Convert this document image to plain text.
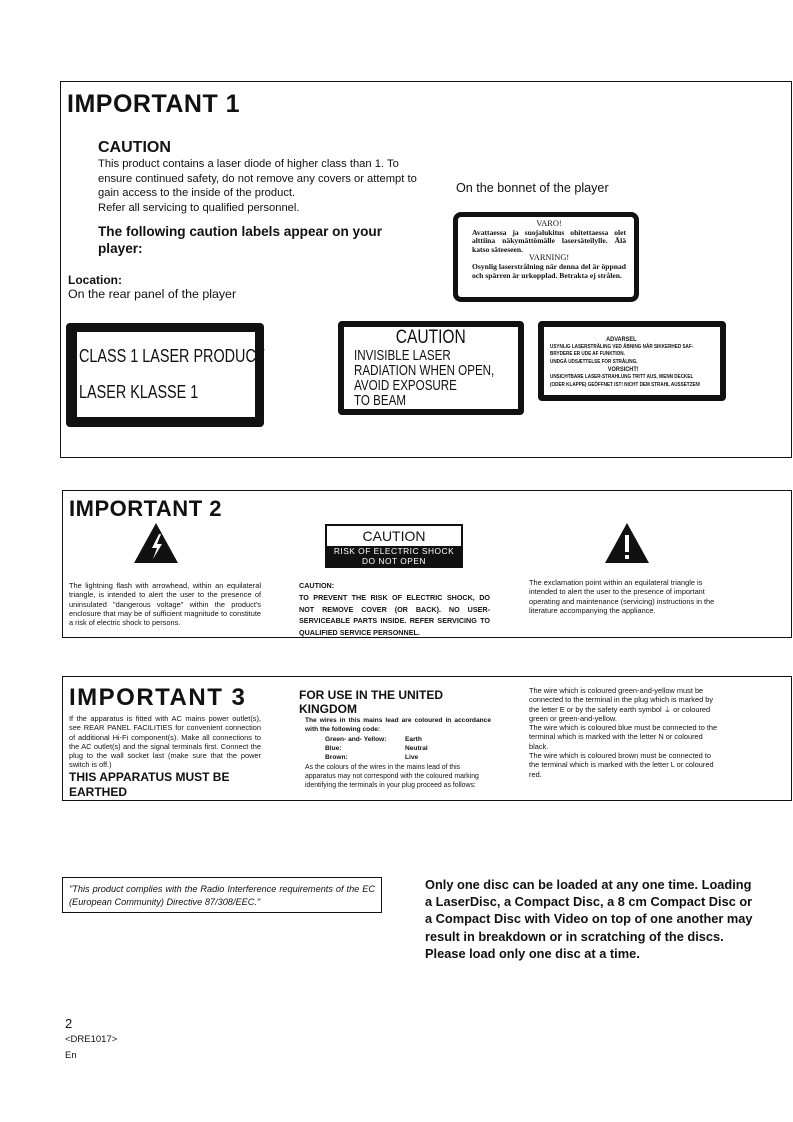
IMPORTANT 1
CAUTION
This product contains a laser diode of higher class than 1. To ensure continued safety, do not remove any covers or attempt to gain access to the inside of the product.
Refer all servicing to qualified personnel.
The following caution labels appear on your player:
Location:
On the rear panel of the player
On the bonnet of the player
VARO!
Avattaessa ja suojalukitus ohitettaessa olet alttiina näkymättömälle lasersäteilylle. Älä katso säteeseen.
VARNING!
Osynlig laserstrålning när denna del är öppnad och spärren är urkopplad. Betrakta ej strålen.
CLASS 1 LASER PRODUCT
LASER KLASSE 1
CAUTION
INVISIBLE LASER
RADIATION WHEN OPEN,
AVOID EXPOSURE
TO BEAM
ADVARSEL
USYNLIG LASERSTRÅLING VED ÅBNING NÅR SIKKERHED SAF-
BRYDERE ER UDE AF FUNKTION.
UNDGÅ UDSÆTTELSE FOR STRÅLING.
VORSICHT!
UNSICHTBARE LASER-STRAHLUNG TRITT AUS, WENN DECKEL
(ODER KLAPPE) GEÖFFNET IST! NICHT DEM STRAHL AUSSETZEN!
IMPORTANT 2
The lightning flash with arrowhead, within an equilateral triangle, is intended to alert the user to the presence of uninsulated "dangerous voltage" within the product's enclosure that may be of sufficient magnitude to constitute a risk of electric shock to persons.
CAUTION
RISK OF ELECTRIC SHOCK
DO NOT OPEN
CAUTION:
TO PREVENT THE RISK OF ELECTRIC SHOCK, DO NOT REMOVE COVER (OR BACK). NO USER-SERVICEABLE PARTS INSIDE. REFER SERVICING TO QUALIFIED SERVICE PERSONNEL.
The exclamation point within an equilateral triangle is intended to alert the user to the presence of important operating and maintenance (servicing) instructions in the literature accompanying the appliance.
IMPORTANT 3
If the apparatus is fitted with AC mains power outlet(s), see REAR PANEL FACILITIES for convenient connection of additional Hi-Fi component(s). Make all connections to the AC outlet(s) and the signal terminals first. Connect the plug to the wall socket last (make sure that the power switch is off.)
THIS APPARATUS MUST BE EARTHED
FOR USE IN THE UNITED KINGDOM
The wires in this mains lead are coloured in accordance with the following code:
Green- and- Yellow:	Earth
Blue:	Neutral
Brown:	Live
As the colours of the wires in the mains lead of this apparatus may not correspond with the coloured marking identifying the terminals in your plug proceed as follows:
The wire which is coloured green-and-yellow must be connected to the terminal in the plug which is marked by the letter E or by the safety earth symbol ⏚ or coloured green or green-and-yellow.
The wire which is coloured blue must be connected to the terminal which is marked with the letter N or coloured black.
The wire which is coloured brown must be connected to the terminal which is marked with the letter L or coloured red.
"This product complies with the Radio Interference requirements of the EC (European Community) Directive 87/308/EEC."
Only one disc can be loaded at any one time. Loading a LaserDisc, a Compact Disc, a 8 cm Compact Disc or a Compact Disc with Video on top of one another may result in breakdown or in scratching of the discs. Please load only one disc at a time.
2
<DRE1017>
En
